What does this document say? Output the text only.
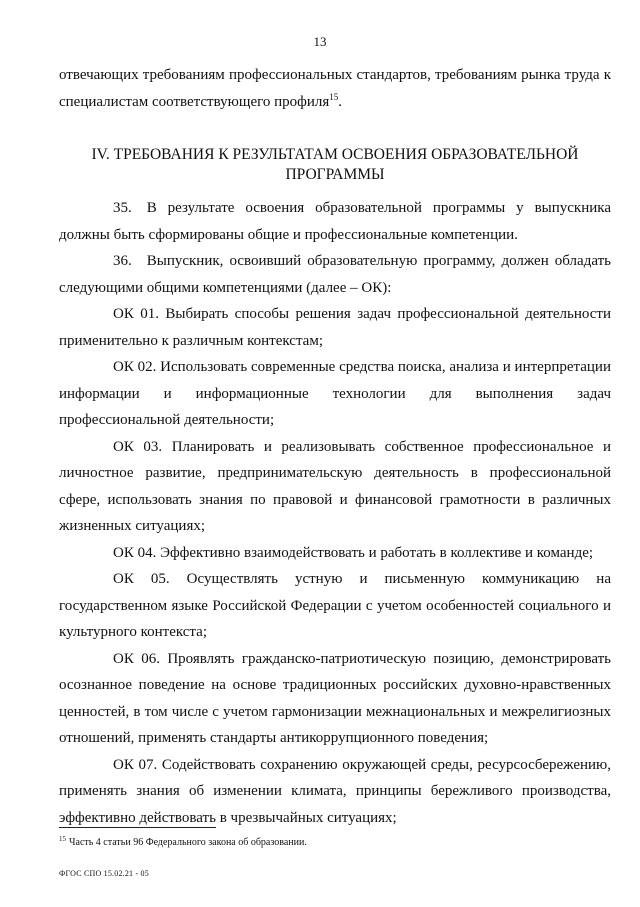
13

отвечающих требованиям профессиональных стандартов, требованиям рынка труда к специалистам соответствующего профиля$^{15}$.

IV. ТРЕБОВАНИЯ К РЕЗУЛЬТАТАМ ОСВОЕНИЯ ОБРАЗОВАТЕЛЬНОЙ ПРОГРАММЫ

35. В результате освоения образовательной программы у выпускника должны быть сформированы общие и профессиональные компетенции.

36. Выпускник, освоивший образовательную программу, должен обладать следующими общими компетенциями (далее – ОК):

ОК 01. Выбирать способы решения задач профессиональной деятельности применительно к различным контекстам;

ОК 02. Использовать современные средства поиска, анализа и интерпретации информации и информационные технологии для выполнения задач профессиональной деятельности;

ОК 03. Планировать и реализовывать собственное профессиональное и личностное развитие, предпринимательскую деятельность в профессиональной сфере, использовать знания по правовой и финансовой грамотности в различных жизненных ситуациях;

ОК 04. Эффективно взаимодействовать и работать в коллективе и команде;

ОК 05. Осуществлять устную и письменную коммуникацию на государственном языке Российской Федерации с учетом особенностей социального и культурного контекста;

ОК 06. Проявлять гражданско-патриотическую позицию, демонстрировать осознанное поведение на основе традиционных российских духовно-нравственных ценностей, в том числе с учетом гармонизации межнациональных и межрелигиозных отношений, применять стандарты антикоррупционного поведения;

ОК 07. Содействовать сохранению окружающей среды, ресурсосбережению, применять знания об изменении климата, принципы бережливого производства, эффективно действовать в чрезвычайных ситуациях;

$^{15}$ Часть 4 статьи 96 Федерального закона об образовании.
ФГОС СПО 15.02.21 - 05
